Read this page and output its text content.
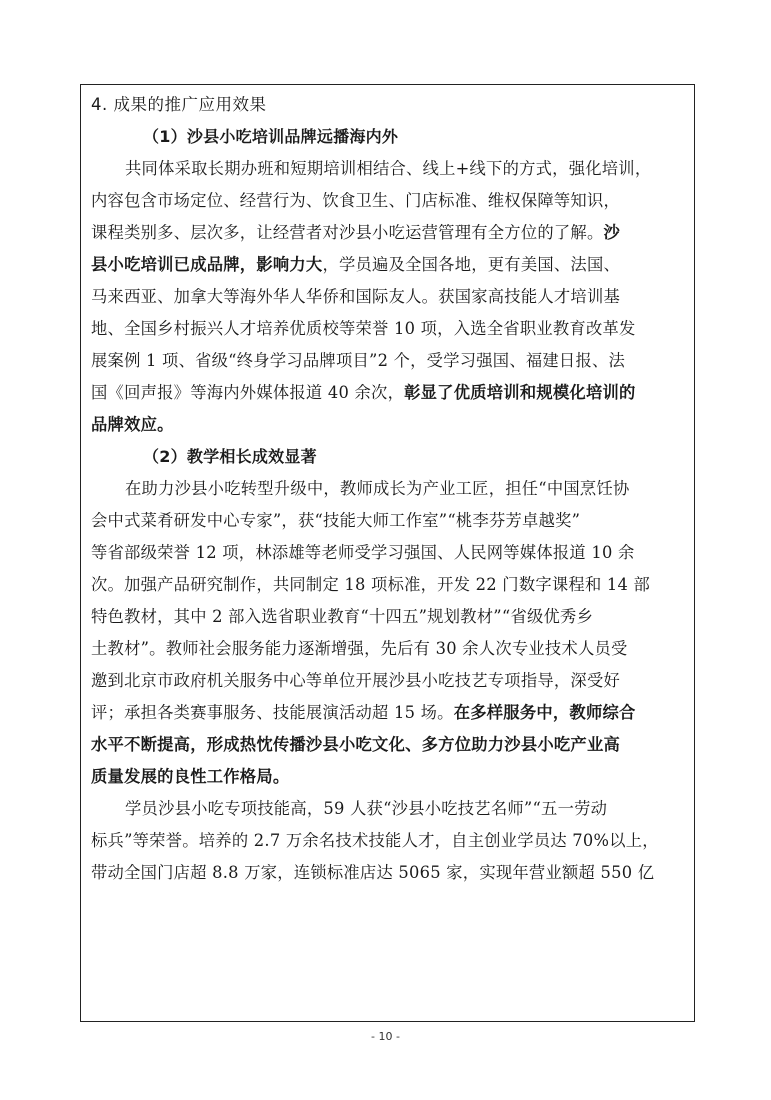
4. 成果的推广应用效果
（1）沙县小吃培训品牌远播海内外
共同体采取长期办班和短期培训相结合、线上+线下的方式，强化培训，
内容包含市场定位、经营行为、饮食卫生、门店标准、维权保障等知识，
课程类别多、层次多，让经营者对沙县小吃运营管理有全方位的了解。沙
县小吃培训已成品牌，影响力大，学员遍及全国各地，更有美国、法国、
马来西亚、加拿大等海外华人华侨和国际友人。获国家高技能人才培训基
地、全国乡村振兴人才培养优质校等荣誉 10 项，入选全省职业教育改革发
展案例 1 项、省级“终身学习品牌项目”2 个，受学习强国、福建日报、法
国《回声报》等海内外媒体报道 40 余次，彰显了优质培训和规模化培训的
品牌效应。
（2）教学相长成效显著
在助力沙县小吃转型升级中，教师成长为产业工匠，担任“中国烹饪协
会中式菜肴研发中心专家”，获“技能大师工作室”“桃李芬芳卓越奖”
等省部级荣誉 12 项，林添雄等老师受学习强国、人民网等媒体报道 10 余
次。加强产品研究制作，共同制定 18 项标准，开发 22 门数字课程和 14 部
特色教材，其中 2 部入选省职业教育“十四五”规划教材”“省级优秀乡
土教材”。教师社会服务能力逐渐增强，先后有 30 余人次专业技术人员受
邀到北京市政府机关服务中心等单位开展沙县小吃技艺专项指导，深受好
评；承担各类赛事服务、技能展演活动超 15 场。在多样服务中，教师综合
水平不断提高，形成热忱传播沙县小吃文化、多方位助力沙县小吃产业高
质量发展的良性工作格局。
学员沙县小吃专项技能高，59 人获“沙县小吃技艺名师”“五一劳动
标兵”等荣誉。培养的 2.7 万余名技术技能人才，自主创业学员达 70%以上，
带动全国门店超 8.8 万家，连锁标准店达 5065 家，实现年营业额超 550 亿
- 10 -
